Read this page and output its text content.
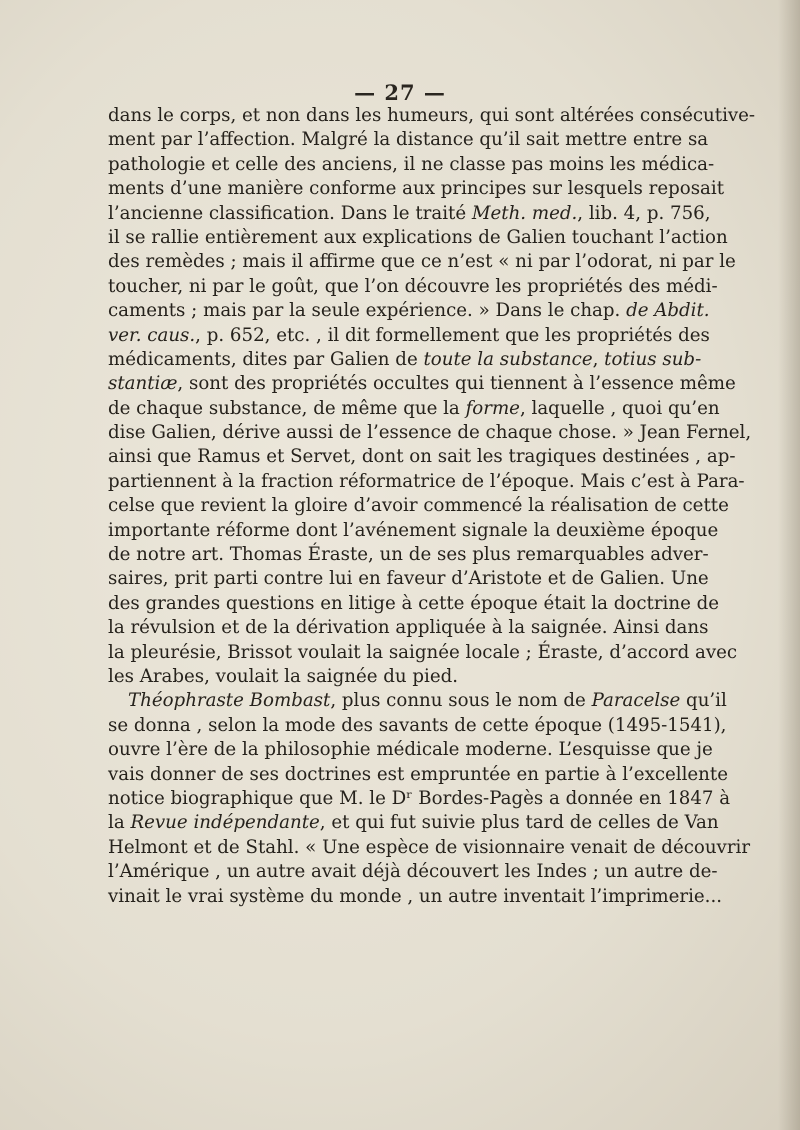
— 27 —
dans le corps, et non dans les humeurs, qui sont altérées consécutive-
ment par l’affection. Malgré la distance qu’il sait mettre entre sa
pathologie et celle des anciens, il ne classe pas moins les médica-
ments d’une manière conforme aux principes sur lesquels reposait
l’ancienne classification. Dans le traité Meth. med., lib. 4, p. 756,
il se rallie entièrement aux explications de Galien touchant l’action
des remèdes ; mais il affirme que ce n’est « ni par l’odorat, ni par le
toucher, ni par le goût, que l’on découvre les propriétés des médi-
caments ; mais par la seule expérience. » Dans le chap. de Abdit.
ver. caus., p. 652, etc. , il dit formellement que les propriétés des
médicaments, dites par Galien de toute la substance, totius sub-
stantiæ, sont des propriétés occultes qui tiennent à l’essence même
de chaque substance, de même que la forme, laquelle , quoi qu’en
dise Galien, dérive aussi de l’essence de chaque chose. » Jean Fernel,
ainsi que Ramus et Servet, dont on sait les tragiques destinées , ap-
partiennent à la fraction réformatrice de l’époque. Mais c’est à Para-
celse que revient la gloire d’avoir commencé la réalisation de cette
importante réforme dont l’avénement signale la deuxième époque
de notre art. Thomas Éraste, un de ses plus remarquables adver-
saires, prit parti contre lui en faveur d’Aristote et de Galien. Une
des grandes questions en litige à cette époque était la doctrine de
la révulsion et de la dérivation appliquée à la saignée. Ainsi dans
la pleurésie, Brissot voulait la saignée locale ; Éraste, d’accord avec
les Arabes, voulait la saignée du pied.
Théophraste Bombast, plus connu sous le nom de Paracelse qu’il
se donna , selon la mode des savants de cette époque (1495-1541),
ouvre l’ère de la philosophie médicale moderne. L’esquisse que je
vais donner de ses doctrines est empruntée en partie à l’excellente
notice biographique que M. le Dʳ Bordes-Pagès a donnée en 1847 à
la Revue indépendante, et qui fut suivie plus tard de celles de Van
Helmont et de Stahl. « Une espèce de visionnaire venait de découvrir
l’Amérique , un autre avait déjà découvert les Indes ; un autre de-
vinait le vrai système du monde , un autre inventait l’imprimerie...
